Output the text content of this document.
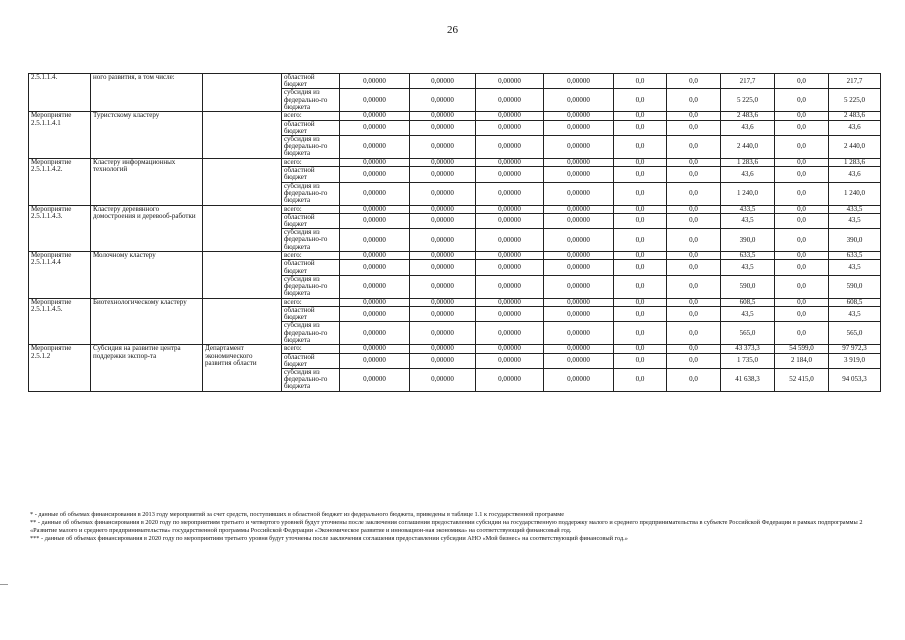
26
2.5.1.1.4.	ного развития, в том числе:		областной бюджет	0,00000	0,00000	0,00000	0,00000	0,0	0,0	217,7	0,0	217,7
			субсидия из федерально-го бюджета	0,00000	0,00000	0,00000	0,00000	0,0	0,0	5 225,0	0,0	5 225,0
Мероприятие 2.5.1.1.4.1	Туристскому кластеру		всего:	0,00000	0,00000	0,00000	0,00000	0,0	0,0	2 483,6	0,0	2 483,6
			областной бюджет	0,00000	0,00000	0,00000	0,00000	0,0	0,0	43,6	0,0	43,6
			субсидия из федерально-го бюджета	0,00000	0,00000	0,00000	0,00000	0,0	0,0	2 440,0	0,0	2 440,0
Мероприятие 2.5.1.1.4.2.	Кластеру информационных технологий		всего:	0,00000	0,00000	0,00000	0,00000	0,0	0,0	1 283,6	0,0	1 283,6
			областной бюджет	0,00000	0,00000	0,00000	0,00000	0,0	0,0	43,6	0,0	43,6
			субсидия из федерально-го бюджета	0,00000	0,00000	0,00000	0,00000	0,0	0,0	1 240,0	0,0	1 240,0
Мероприятие 2.5.1.1.4.3.	Кластеру деревянного домостроения и деревооб-работки		всего:	0,00000	0,00000	0,00000	0,00000	0,0	0,0	433,5	0,0	433,5
			областной бюджет	0,00000	0,00000	0,00000	0,00000	0,0	0,0	43,5	0,0	43,5
			субсидия из федерально-го бюджета	0,00000	0,00000	0,00000	0,00000	0,0	0,0	390,0	0,0	390,0
Мероприятие 2.5.1.1.4.4	Молочному кластеру		всего:	0,00000	0,00000	0,00000	0,00000	0,0	0,0	633,5	0,0	633,5
			областной бюджет	0,00000	0,00000	0,00000	0,00000	0,0	0,0	43,5	0,0	43,5
			субсидия из федерально-го бюджета	0,00000	0,00000	0,00000	0,00000	0,0	0,0	590,0	0,0	590,0
Мероприятие 2.5.1.1.4.5.	Биотехнологическому кластеру		всего:	0,00000	0,00000	0,00000	0,00000	0,0	0,0	608,5	0,0	608,5
			областной бюджет	0,00000	0,00000	0,00000	0,00000	0,0	0,0	43,5	0,0	43,5
			субсидия из федерально-го бюджета	0,00000	0,00000	0,00000	0,00000	0,0	0,0	565,0	0,0	565,0
Мероприятие 2.5.1.2	Субсидия на развитие центра поддержки экспор-та	Департамент экономического развития области	всего:	0,00000	0,00000	0,00000	0,00000	0,0	0,0	43 373,3	54 599,0	97 972,3
			областной бюджет	0,00000	0,00000	0,00000	0,00000	0,0	0,0	1 735,0	2 184,0	3 919,0
			субсидия из федерально-го бюджета	0,00000	0,00000	0,00000	0,00000	0,0	0,0	41 638,3	52 415,0	94 053,3
* - данные об объемах финансирования в 2013 году мероприятий за счет средств, поступивших в областной бюджет из федерального бюджета, приведены в таблице 1.1 к государственной программе
** - данные об объемах финансирования в 2020 году по мероприятиям третьего и четвертого уровней будут уточнены после заключения соглашения предоставлении субсидии на государственную поддержку малого и среднего предпринимательства в субъекте Российской Федерации в рамках подпрограммы 2 «Развитие малого и среднего предпринимательства» государственной программы Российской Федерации «Экономическое развитие и инновацион-ная экономика» на соответствующий финансовый год.
*** - данные об объемах финансирования в 2020 году по мероприятиям третьего уровня будут уточнены после заключения соглашения предоставлении субсидии АНО «Мой бизнес» на соответствующий финансовый год.»
